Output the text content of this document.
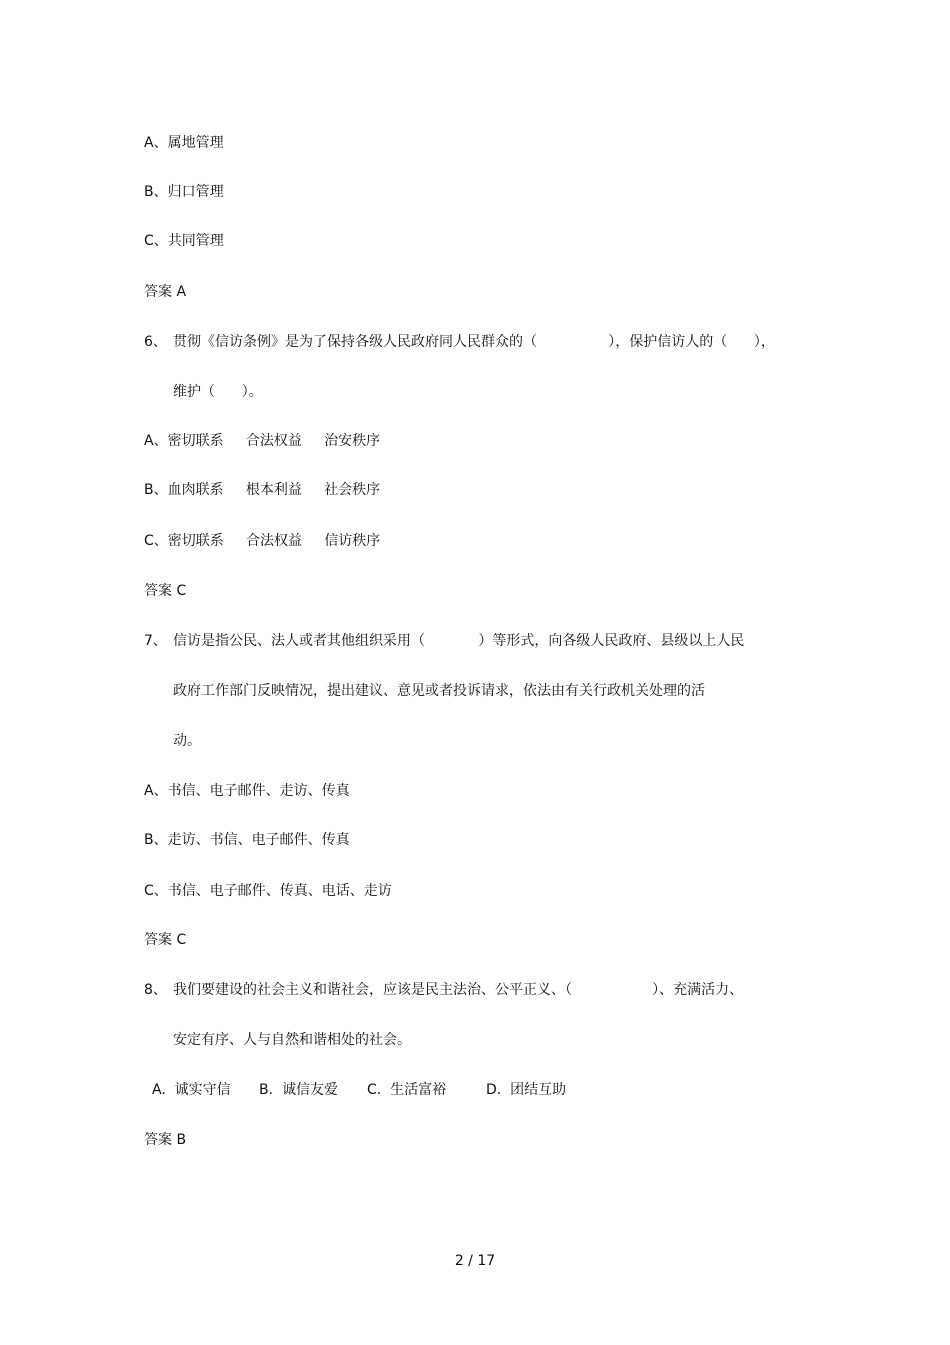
A、属地管理
B、归口管理
C、共同管理
答案 A
6、 贯彻《信访条例》是为了保持各级人民政府同人民群众的（                ），保护信访人的（      ），
维护（      ）。
A、密切联系     合法权益     治安秩序
B、血肉联系     根本利益     社会秩序
C、密切联系     合法权益     信访秩序
答案 C
7、 信访是指公民、法人或者其他组织采用（            ）等形式，向各级人民政府、县级以上人民
政府工作部门反映情况，提出建议、意见或者投诉请求，依法由有关行政机关处理的活
动。
A、书信、电子邮件、走访、传真
B、走访、书信、电子邮件、传真
C、书信、电子邮件、传真、电话、走访
答案 C
8、 我们要建设的社会主义和谐社会，应该是民主法治、公平正义、（                  ）、充满活力、
安定有序、人与自然和谐相处的社会。

A.  诚实守信

B.  诚信友爱

C.  生活富裕

	D.  团结互助

答案 B
2 / 17
